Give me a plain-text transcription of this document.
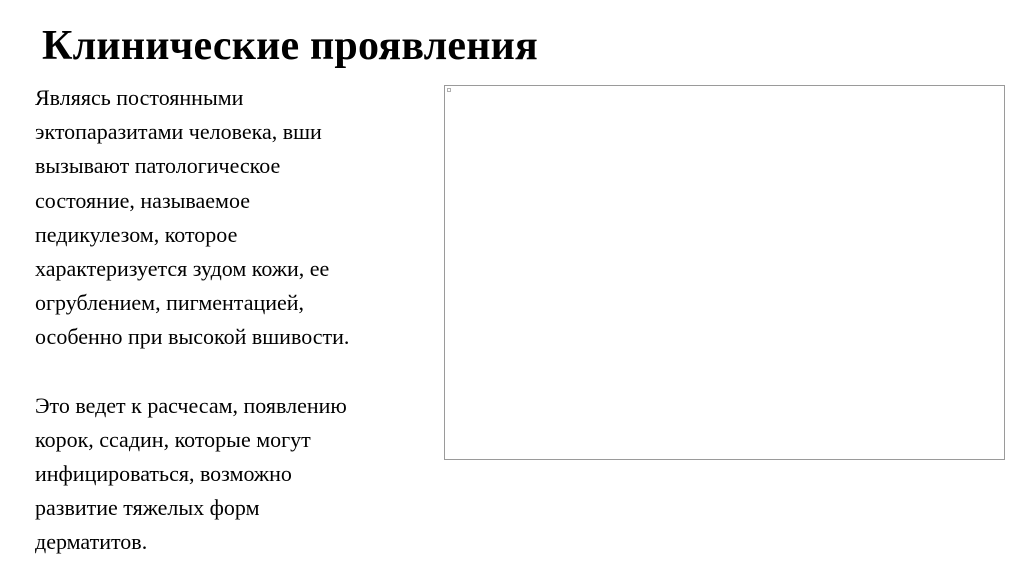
Клинические проявления

Являясь постоянными
эктопаразитами человека, вши
вызывают патологическое
состояние, называемое
педикулезом, которое
характеризуется зудом кожи, ее
огрублением, пигментацией,
особенно при высокой вшивости.

Это ведет к расчесам, появлению
корок, ссадин, которые могут
инфицироваться, возможно
развитие тяжелых форм
дерматитов.
